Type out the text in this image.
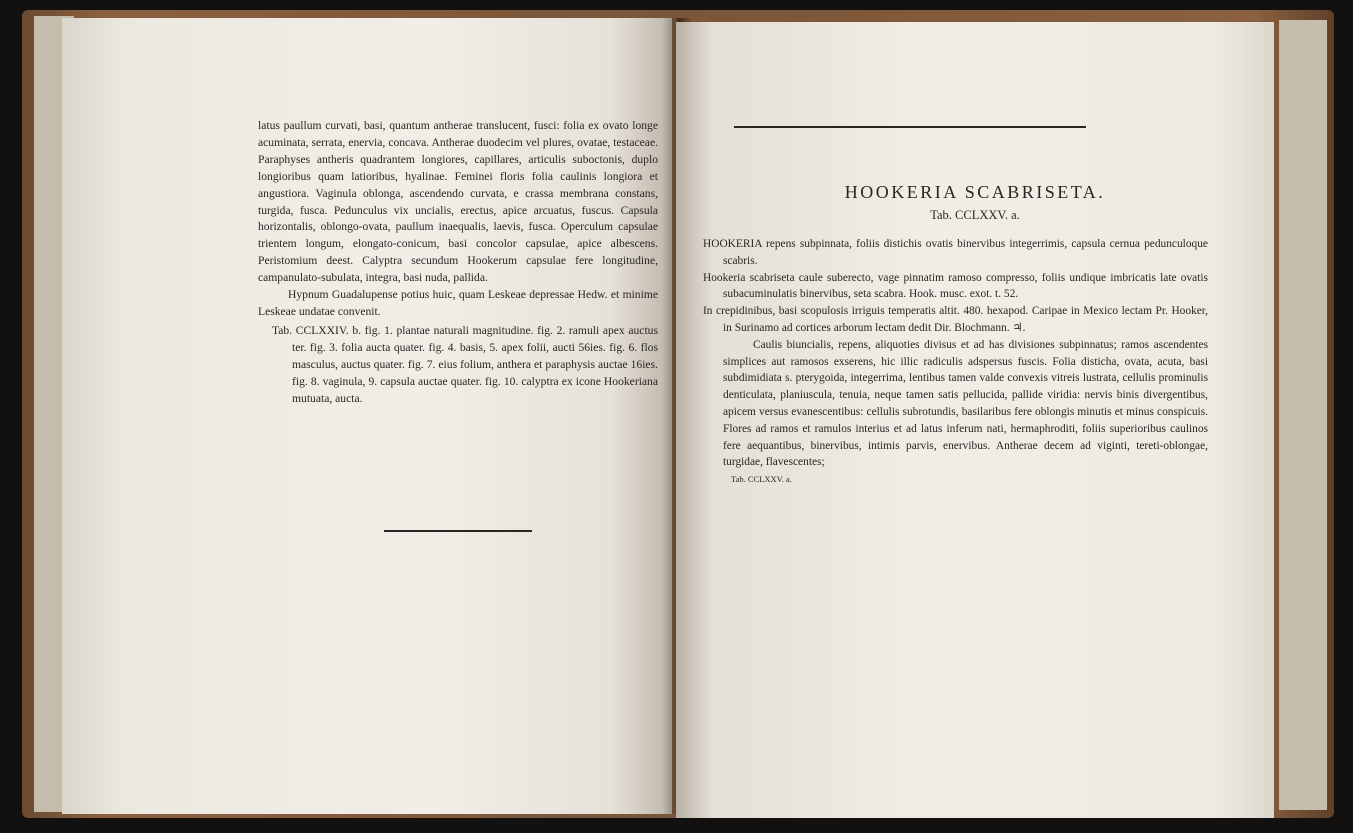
latus paullum curvati, basi, quantum antherae translucent, fusci: folia ex ovato longe acuminata, serrata, enervia, concava. Antherae duodecim vel plures, ovatae, testaceae. Paraphyses antheris quadrantem longiores, capillares, articulis suboctonis, duplo longioribus quam latioribus, hyalinae. Feminei floris folia caulinis longiora et angustiora. Vaginula oblonga, ascendendo curvata, e crassa membrana constans, turgida, fusca. Pedunculus vix uncialis, erectus, apice arcuatus, fuscus. Capsula horizontalis, oblongo-ovata, paullum inaequalis, laevis, fusca. Operculum capsulae trientem longum, elongato-conicum, basi concolor capsulae, apice albescens. Peristomium deest. Calyptra secundum Hookerum capsulae fere longitudine, campanulato-subulata, integra, basi nuda, pallida.

Hypnum Guadalupense potius huic, quam Leskeae depressae Hedw. et minime Leskeae undatae convenit.

Tab. CCLXXIV. b. fig. 1. plantae naturali magnitudine. fig. 2. ramuli apex auctus ter. fig. 3. folia aucta quater. fig. 4. basis, 5. apex folii, aucti 56ies. fig. 6. flos masculus, auctus quater. fig. 7. eius folium, anthera et paraphysis auctae 16ies. fig. 8. vaginula, 9. capsula auctae quater. fig. 10. calyptra ex icone Hookeriana mutuata, aucta.

HOOKERIA SCABRISETA.
Tab. CCLXXV. a.

HOOKERIA repens subpinnata, foliis distichis ovatis binervibus integerrimis, capsula cernua pedunculoque scabris.

Hookeria scabriseta caule suberecto, vage pinnatim ramoso compresso, foliis undique imbricatis late ovatis subacuminulatis binervibus, seta scabra. Hook. musc. exot. t. 52.

In crepidinibus, basi scopulosis irriguis temperatis altit. 480. hexapod. Caripae in Mexico lectam Pr. Hooker, in Surinamo ad cortices arborum lectam dedit Dir. Blochmann. ♃.

Caulis biuncialis, repens, aliquoties divisus et ad has divisiones subpinnatus; ramos ascendentes simplices aut ramosos exserens, hic illic radiculis adspersus fuscis. Folia disticha, ovata, acuta, basi subdimidiata s. pterygoida, integerrima, lentibus tamen valde convexis vitreis lustrata, cellulis prominulis denticulata, planiuscula, tenuia, neque tamen satis pellucida, pallide viridia: nervis binis divergentibus, apicem versus evanescentibus: cellulis subrotundis, basilaribus fere oblongis minutis et minus conspicuis. Flores ad ramos et ramulos interius et ad latus inferum nati, hermaphroditi, foliis superioribus caulinos fere aequantibus, binervibus, intimis parvis, enervibus. Antherae decem ad viginti, tereti-oblongae, turgidae, flavescentes;

Tab. CCLXXV. a.
